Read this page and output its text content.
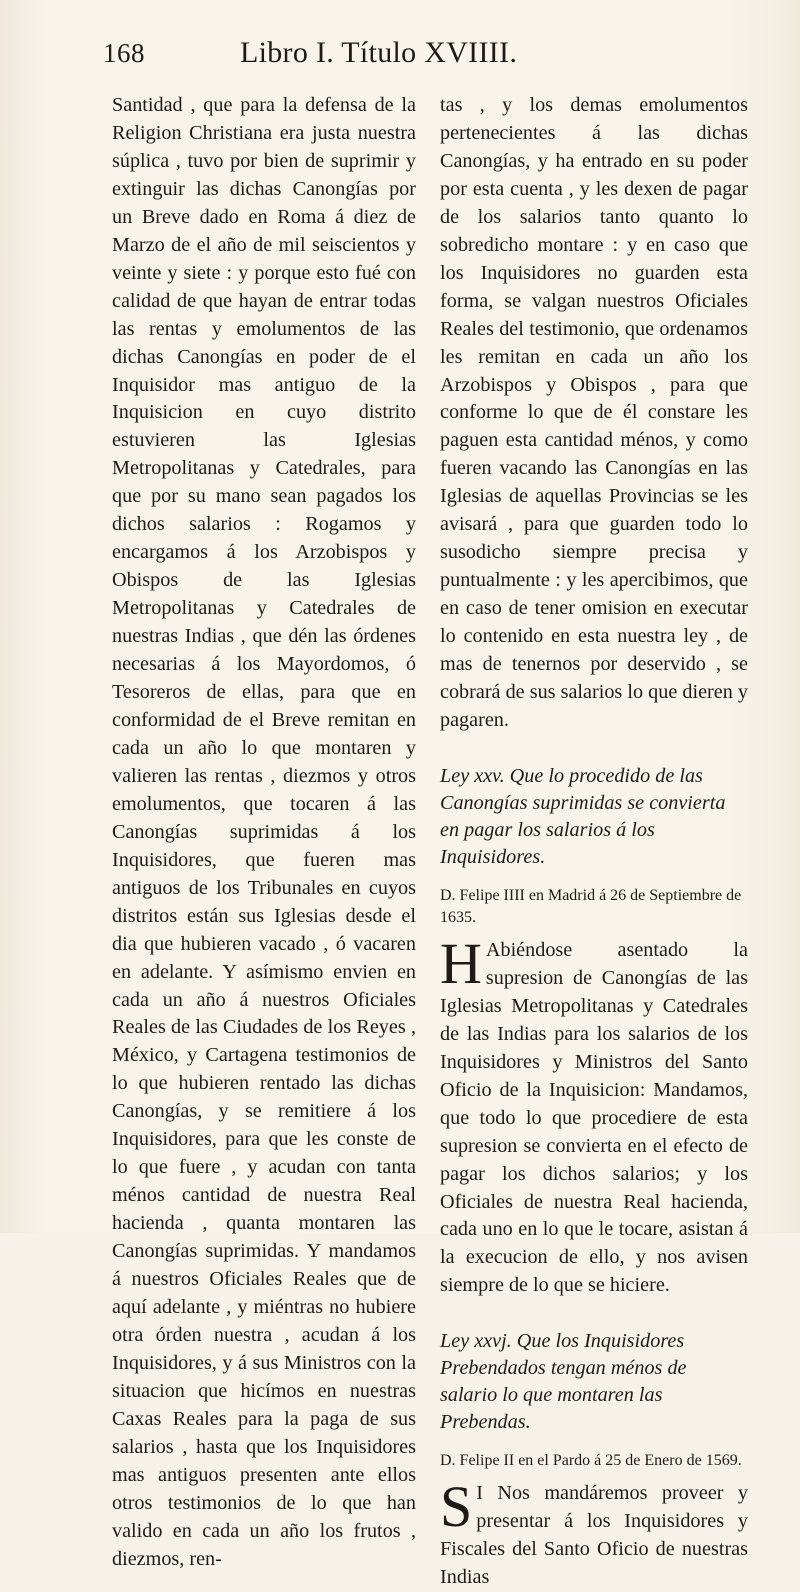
168	Libro I. Título XVIIII.

Santidad , que para la defensa de la Religion Christiana era justa nuestra súplica , tuvo por bien de suprimir y extinguir las dichas Canongías por un Breve dado en Roma á diez de Marzo de el año de mil seiscientos y veinte y siete : y porque esto fué con calidad de que hayan de entrar todas las rentas y emolumentos de las dichas Canongías en poder de el Inquisidor mas antiguo de la Inquisicion en cuyo distrito estuvieren las Iglesias Metropolitanas y Catedrales, para que por su mano sean pagados los dichos salarios : Rogamos y encargamos á los Arzobispos y Obispos de las Iglesias Metropolitanas y Catedrales de nuestras Indias , que dén las órdenes necesarias á los Mayordomos, ó Tesoreros de ellas, para que en conformidad de el Breve remitan en cada un año lo que montaren y valieren las rentas , diezmos y otros emolumentos, que tocaren á las Canongías suprimidas á los Inquisidores, que fueren mas antiguos de los Tribunales en cuyos distritos están sus Iglesias desde el dia que hubieren vacado , ó vacaren en adelante. Y asímismo envien en cada un año á nuestros Oficiales Reales de las Ciudades de los Reyes , México, y Cartagena testimonios de lo que hubieren rentado las dichas Canongías, y se remitiere á los Inquisidores, para que les conste de lo que fuere , y acudan con tanta ménos cantidad de nuestra Real hacienda , quanta montaren las Canongías suprimidas. Y mandamos á nuestros Oficiales Reales que de aquí adelante , y miéntras no hubiere otra órden nuestra , acudan á los Inquisidores, y á sus Ministros con la situacion que hicímos en nuestras Caxas Reales para la paga de sus salarios , hasta que los Inquisidores mas antiguos presenten ante ellos otros testimonios de lo que han valido en cada un año los frutos , diezmos, ren-

tas , y los demas emolumentos pertenecientes á las dichas Canongías, y ha entrado en su poder por esta cuenta , y les dexen de pagar de los salarios tanto quanto lo sobredicho montare : y en caso que los Inquisidores no guarden esta forma, se valgan nuestros Oficiales Reales del testimonio, que ordenamos les remitan en cada un año los Arzobispos y Obispos , para que conforme lo que de él constare les paguen esta cantidad ménos, y como fueren vacando las Canongías en las Iglesias de aquellas Provincias se les avisará , para que guarden todo lo susodicho siempre precisa y puntualmente : y les apercibimos, que en caso de tener omision en executar lo contenido en esta nuestra ley , de mas de tenernos por deservido , se cobrará de sus salarios lo que dieren y pagaren.

Ley xxv. Que lo procedido de las Canongías suprimidas se convierta en pagar los salarios á los Inquisidores.

D. Felipe IIII en Madrid á 26 de Septiembre de 1635.

H Abiéndose asentado la supresion de Canongías de las Iglesias Metropolitanas y Catedrales de las Indias para los salarios de los Inquisidores y Ministros del Santo Oficio de la Inquisicion: Mandamos, que todo lo que procediere de esta supresion se convierta en el efecto de pagar los dichos salarios; y los Oficiales de nuestra Real hacienda, cada uno en lo que le tocare, asistan á la execucion de ello, y nos avisen siempre de lo que se hiciere.

Ley xxvj. Que los Inquisidores Prebendados tengan ménos de salario lo que montaren las Prebendas.

D. Felipe II en el Pardo á 25 de Enero de 1569.

S I Nos mandáremos proveer y presentar á los Inquisidores y Fiscales del Santo Oficio de nuestras Indias
